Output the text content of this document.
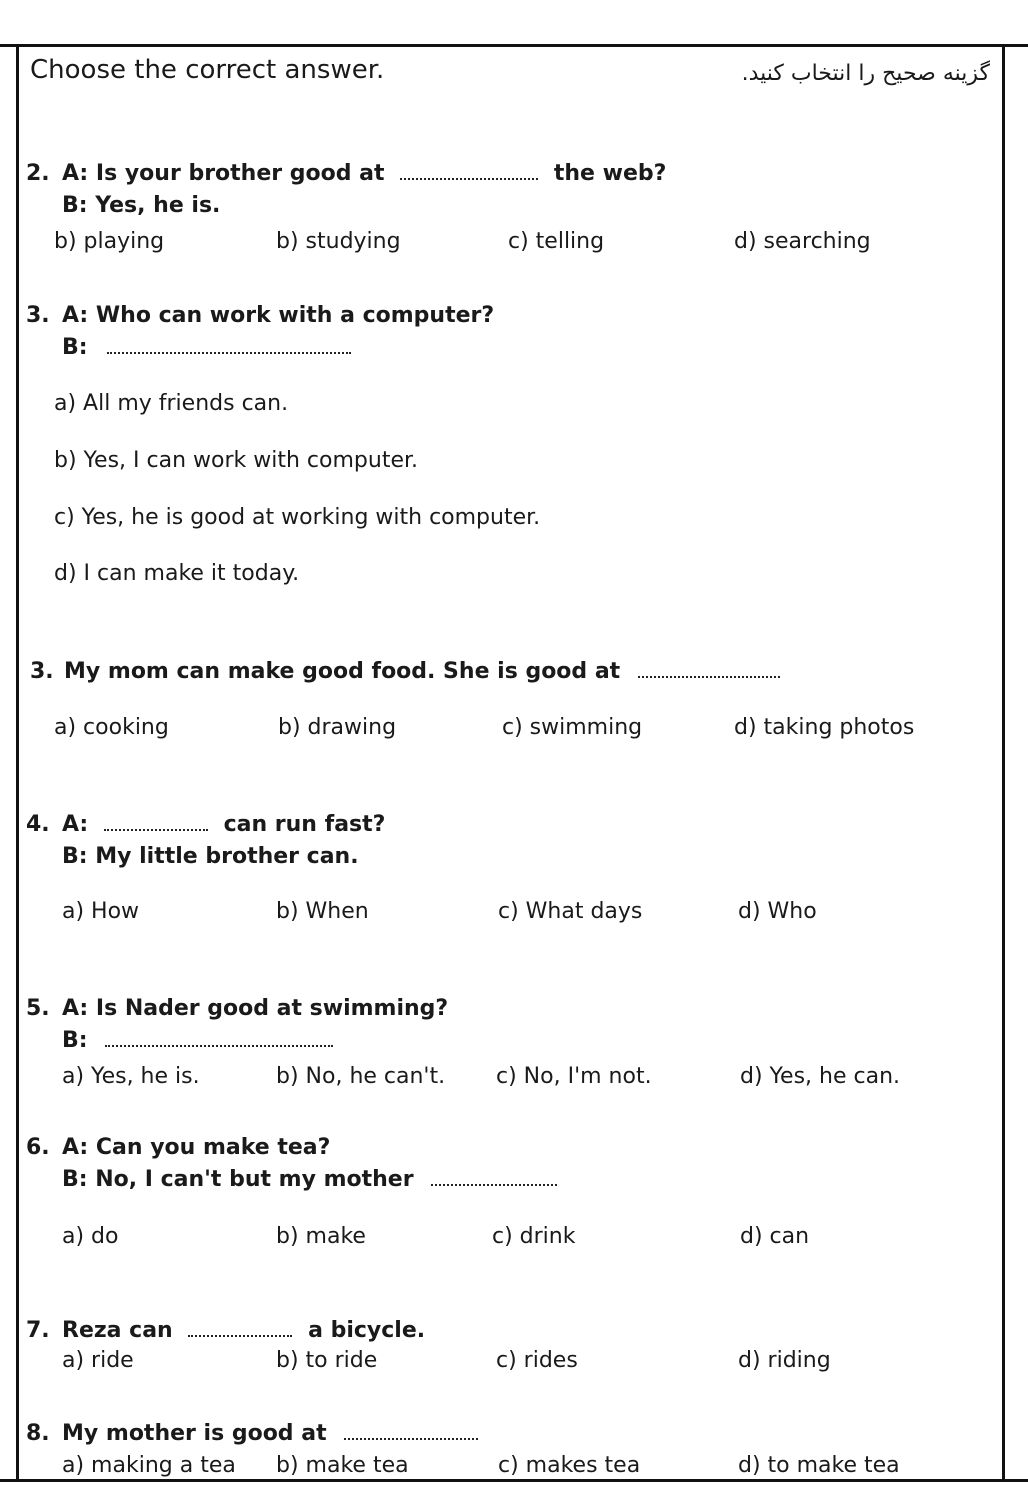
Choose the correct answer.	گزینه صحیح را انتخاب کنید.
2. A: Is your brother good at	the web?
B: Yes, he is.
b) playing	b) studying	c) telling	d) searching
3. A: Who can work with a computer?
B:
a) All my friends can.
b) Yes, I can work with computer.
c) Yes, he is good at working with computer.
d) I can make it today.
3. My mom can make good food. She is good at
a) cooking	b) drawing	c) swimming	d) taking photos
4. A:	can run fast?
B: My little brother can.
a) How	b) When	c) What days	d) Who
5. A: Is Nader good at swimming?
B:
a) Yes, he is.	b) No, he can't. c) No, I'm not.	d) Yes, he can.
6. A: Can you make tea?
B: No, I can't but my mother
a) do	b) make	c) drink	d) can
7. Reza can	a bicycle.
a) ride	b) to ride	c) rides	d) riding
8. My mother is good at
a) making a tea b) make tea	c) makes tea	d) to make tea
